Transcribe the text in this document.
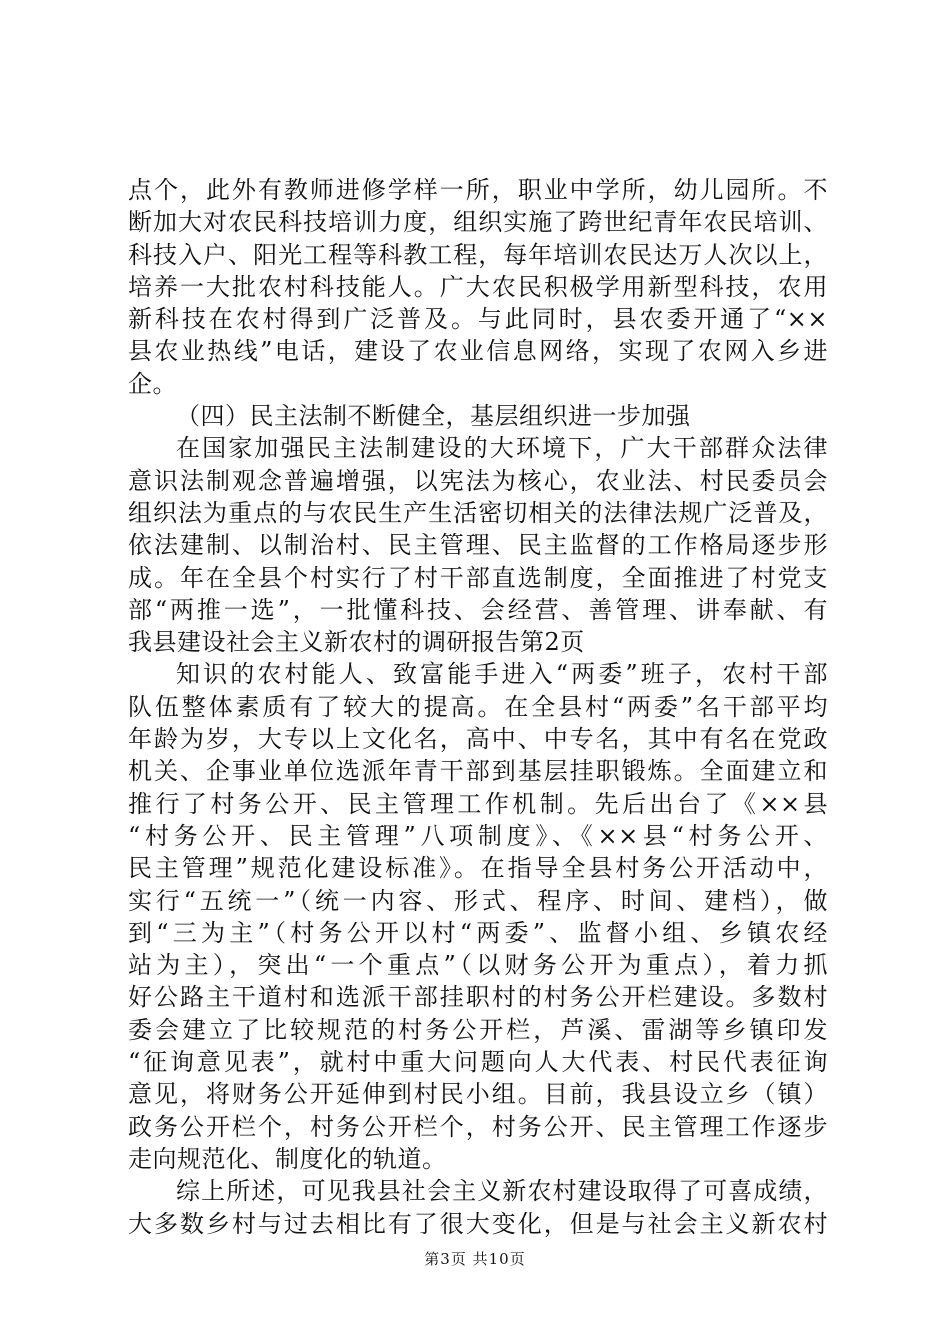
点个，此外有教师进修学样一所，职业中学所，幼儿园所。不
断加大对农民科技培训力度，组织实施了跨世纪青年农民培训、
科技入户、阳光工程等科教工程，每年培训农民达万人次以上，
培养一大批农村科技能人。广大农民积极学用新型科技，农用
新科技在农村得到广泛普及。与此同时，县农委开通了“××
县农业热线”电话，建设了农业信息网络，实现了农网入乡进
企。
（四）民主法制不断健全，基层组织进一步加强
在国家加强民主法制建设的大环境下，广大干部群众法律
意识法制观念普遍增强，以宪法为核心，农业法、村民委员会
组织法为重点的与农民生产生活密切相关的法律法规广泛普及，
依法建制、以制治村、民主管理、民主监督的工作格局逐步形
成。年在全县个村实行了村干部直选制度，全面推进了村党支
部“两推一选”，一批懂科技、会经营、善管理、讲奉献、有
我县建设社会主义新农村的调研报告第2页
知识的农村能人、致富能手进入“两委”班子，农村干部
队伍整体素质有了较大的提高。在全县村“两委”名干部平均
年龄为岁，大专以上文化名，高中、中专名，其中有名在党政
机关、企事业单位选派年青干部到基层挂职锻炼。全面建立和
推行了村务公开、民主管理工作机制。先后出台了《××县
“村务公开、民主管理”八项制度》、《××县“村务公开、
民主管理”规范化建设标准》。在指导全县村务公开活动中，
实行“五统一”（统一内容、形式、程序、时间、建档），做
到“三为主”（村务公开以村“两委”、监督小组、乡镇农经
站为主），突出“一个重点”（以财务公开为重点），着力抓
好公路主干道村和选派干部挂职村的村务公开栏建设。多数村
委会建立了比较规范的村务公开栏，芦溪、雷湖等乡镇印发
“征询意见表”，就村中重大问题向人大代表、村民代表征询
意见，将财务公开延伸到村民小组。目前，我县设立乡（镇）
政务公开栏个，村务公开栏个，村务公开、民主管理工作逐步
走向规范化、制度化的轨道。
综上所述，可见我县社会主义新农村建设取得了可喜成绩，
大多数乡村与过去相比有了很大变化，但是与社会主义新农村
第3页 共10页
